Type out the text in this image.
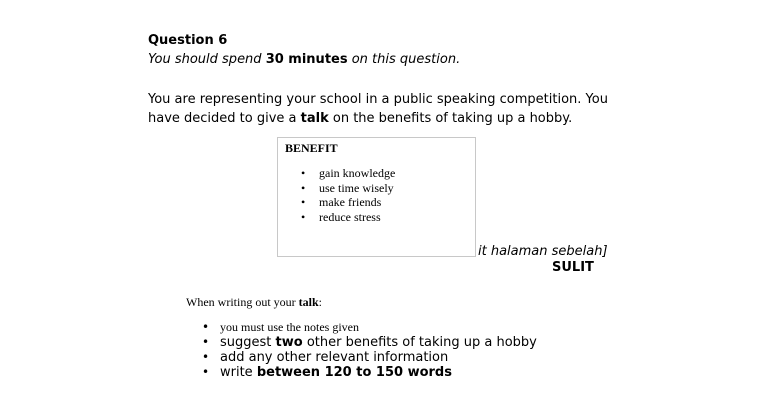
Question 6
You should spend 30 minutes on this question.
You are representing your school in a public speaking competition. You have decided to give a talk on the benefits of taking up a hobby.
BENEFIT
• gain knowledge
• use time wisely
• make friends
• reduce stress
it halaman sebelah]
SULIT
When writing out your talk:
• you must use the notes given
• suggest two other benefits of taking up a hobby
• add any other relevant information
• write between 120 to 150 words
